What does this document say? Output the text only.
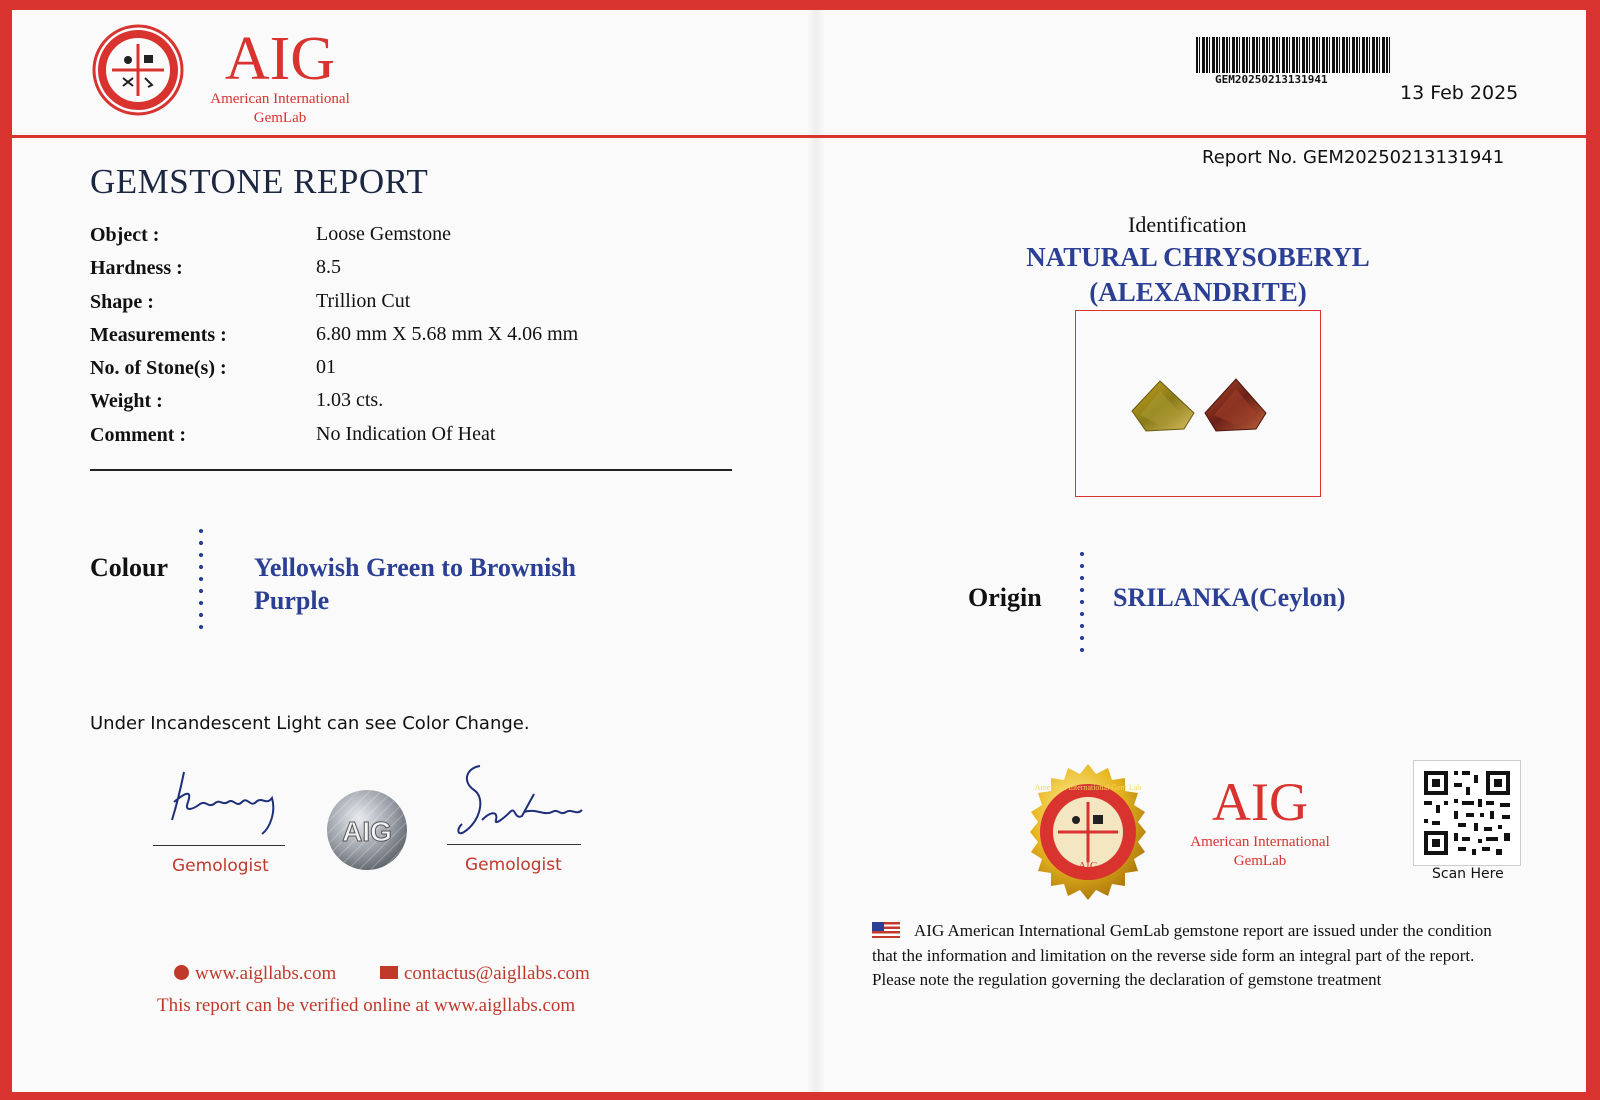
AIG
American International
GemLab
GEM20250213131941
13 Feb 2025
Report No. GEM20250213131941
GEMSTONE REPORT
Object :	Loose Gemstone
Hardness :	8.5
Shape :	Trillion Cut
Measurements :	6.80 mm X 5.68 mm X 4.06 mm
No. of Stone(s) :	01
Weight :	1.03 cts.
Comment :	No Indication Of Heat
Colour	Yellowish Green to Brownish
Purple
Under Incandescent Light can see Color Change.
Gemologist
AIG
Gemologist
www.aigllabs.com	contactus@aigllabs.com
This report can be verified online at www.aigllabs.com
Identification
NATURAL CHRYSOBERYL
(ALEXANDRITE)
Origin	SRILANKA(Ceylon)
AIG
American International Gem Lab	AIG
American International
GemLab
Scan Here
AIG American International GemLab gemstone report are issued under the condition that the information and limitation on the reverse side form an integral part of the report. Please note the regulation governing the declaration of gemstone treatment
